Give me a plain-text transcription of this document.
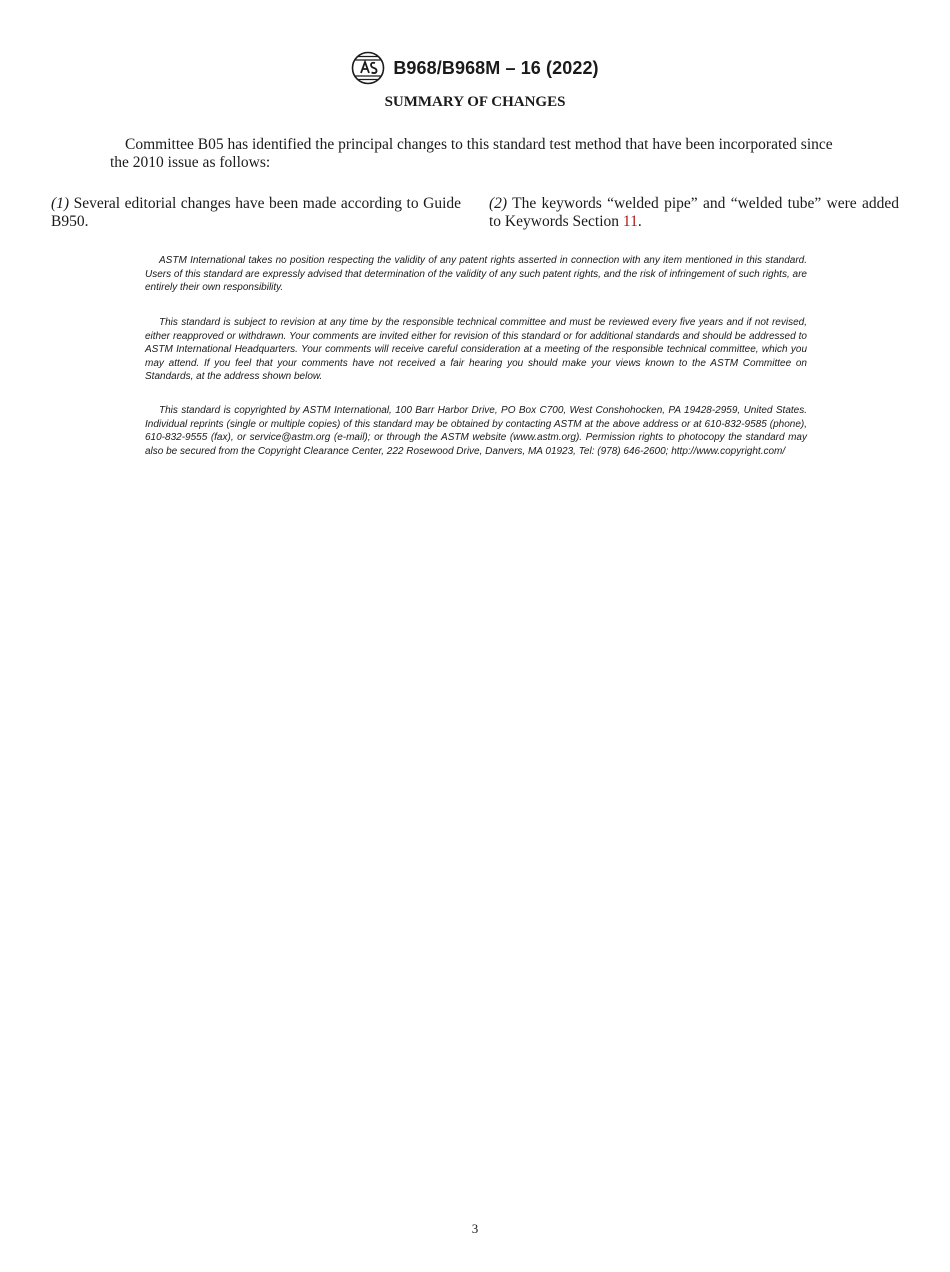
B968/B968M – 16 (2022)
SUMMARY OF CHANGES

Committee B05 has identified the principal changes to this standard test method that have been incorporated since the 2010 issue as follows:

(1) Several editorial changes have been made according to Guide B950.

(2) The keywords “welded pipe” and “welded tube” were added to Keywords Section 11.

ASTM International takes no position respecting the validity of any patent rights asserted in connection with any item mentioned in this standard. Users of this standard are expressly advised that determination of the validity of any such patent rights, and the risk of infringement of such rights, are entirely their own responsibility.

This standard is subject to revision at any time by the responsible technical committee and must be reviewed every five years and if not revised, either reapproved or withdrawn. Your comments are invited either for revision of this standard or for additional standards and should be addressed to ASTM International Headquarters. Your comments will receive careful consideration at a meeting of the responsible technical committee, which you may attend. If you feel that your comments have not received a fair hearing you should make your views known to the ASTM Committee on Standards, at the address shown below.

This standard is copyrighted by ASTM International, 100 Barr Harbor Drive, PO Box C700, West Conshohocken, PA 19428-2959, United States. Individual reprints (single or multiple copies) of this standard may be obtained by contacting ASTM at the above address or at 610-832-9585 (phone), 610-832-9555 (fax), or service@astm.org (e-mail); or through the ASTM website (www.astm.org). Permission rights to photocopy the standard may also be secured from the Copyright Clearance Center, 222 Rosewood Drive, Danvers, MA 01923, Tel: (978) 646-2600; http://www.copyright.com/

3
